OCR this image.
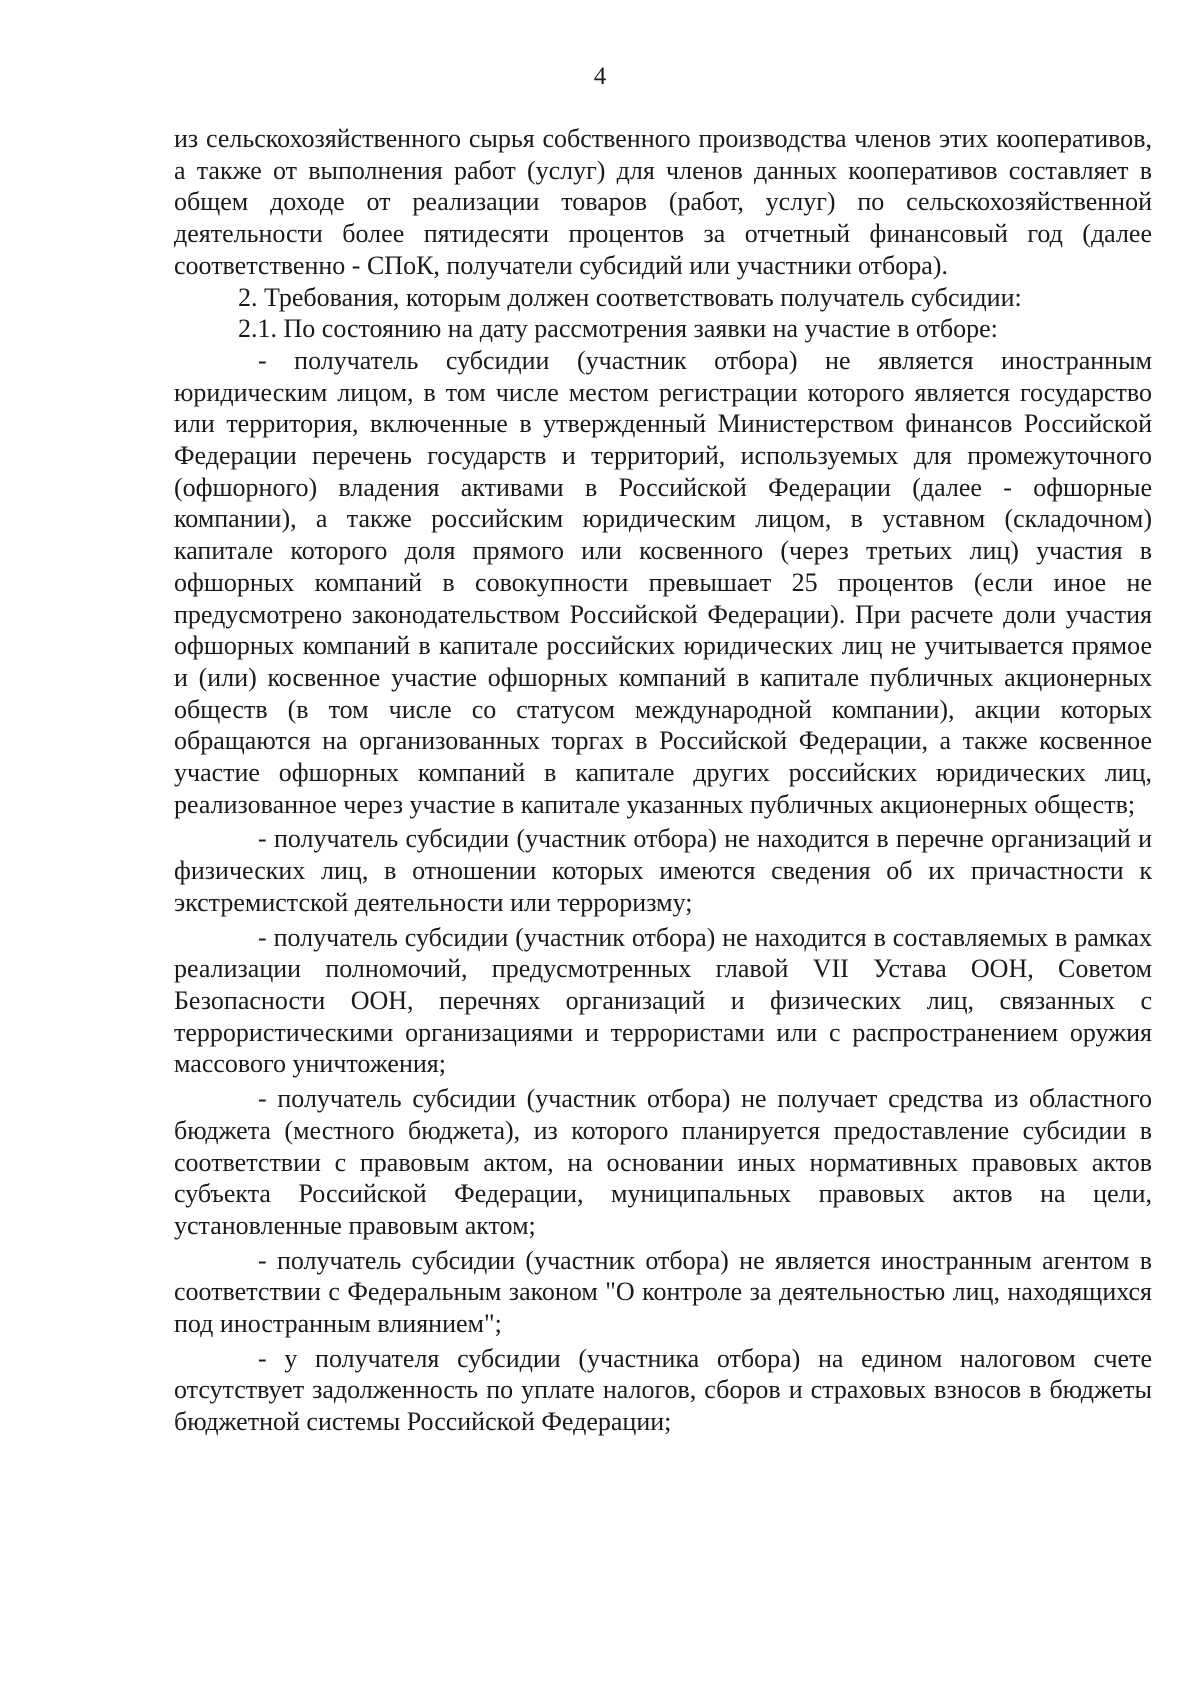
4

из сельскохозяйственного сырья собственного производства членов этих кооперативов, а также от выполнения работ (услуг) для членов данных кооперативов составляет в общем доходе от реализации товаров (работ, услуг) по сельскохозяйственной деятельности более пятидесяти процентов за отчетный финансовый год (далее соответственно - СПоК, получатели субсидий или участники отбора).

2. Требования, которым должен соответствовать получатель субсидии:

2.1. По состоянию на дату рассмотрения заявки на участие в отборе:

- получатель субсидии (участник отбора) не является иностранным юридическим лицом, в том числе местом регистрации которого является государство или территория, включенные в утвержденный Министерством финансов Российской Федерации перечень государств и территорий, используемых для промежуточного (офшорного) владения активами в Российской Федерации (далее - офшорные компании), а также российским юридическим лицом, в уставном (складочном) капитале которого доля прямого или косвенного (через третьих лиц) участия в офшорных компаний в совокупности превышает 25 процентов (если иное не предусмотрено законодательством Российской Федерации). При расчете доли участия офшорных компаний в капитале российских юридических лиц не учитывается прямое и (или) косвенное участие офшорных компаний в капитале публичных акционерных обществ (в том числе со статусом международной компании), акции которых обращаются на организованных торгах в Российской Федерации, а также косвенное участие офшорных компаний в капитале других российских юридических лиц, реализованное через участие в капитале указанных публичных акционерных обществ;

- получатель субсидии (участник отбора) не находится в перечне организаций и физических лиц, в отношении которых имеются сведения об их причастности к экстремистской деятельности или терроризму;

- получатель субсидии (участник отбора) не находится в составляемых в рамках реализации полномочий, предусмотренных главой VII Устава ООН, Советом Безопасности ООН, перечнях организаций и физических лиц, связанных с террористическими организациями и террористами или с распространением оружия массового уничтожения;

- получатель субсидии (участник отбора) не получает средства из областного бюджета (местного бюджета), из которого планируется предоставление субсидии в соответствии с правовым актом, на основании иных нормативных правовых актов субъекта Российской Федерации, муниципальных правовых актов на цели, установленные правовым актом;

- получатель субсидии (участник отбора) не является иностранным агентом в соответствии с Федеральным законом "О контроле за деятельностью лиц, находящихся под иностранным влиянием";

- у получателя субсидии (участника отбора) на едином налоговом счете отсутствует задолженность по уплате налогов, сборов и страховых взносов в бюджеты бюджетной системы Российской Федерации;
